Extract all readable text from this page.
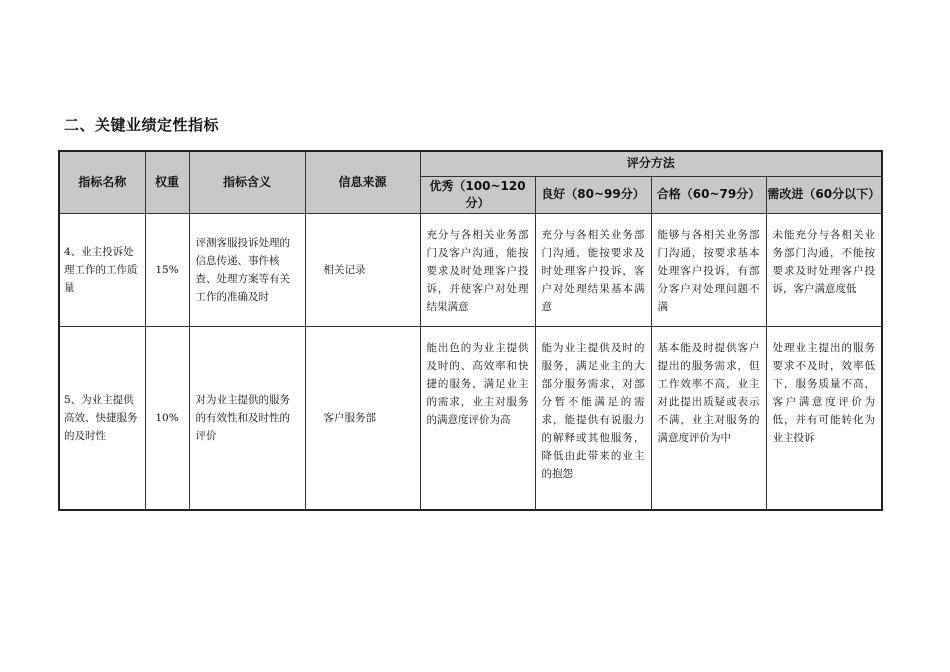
二、关键业绩定性指标
指标名称	权重	指标含义	信息来源	评分方法			
				优秀（100~120分）	良好（80~99分）	合格（60~79分）	需改进（60分以下）
4、业主投诉处理工作的工作质量	15%	评测客服投诉处理的信息传递、事件核查、处理方案等有关工作的准确及时	相关记录	充分与各相关业务部门及客户沟通，能按要求及时处理客户投诉，并使客户对处理结果满意	充分与各相关业务部门沟通，能按要求及时处理客户投诉，客户对处理结果基本满意	能够与各相关业务部门沟通，按要求基本处理客户投诉，有部分客户对处理问题不满	未能充分与各相关业务部门沟通，不能按要求及时处理客户投诉，客户满意度低
5、为业主提供高效、快捷服务的及时性	10%	对为业主提供的服务的有效性和及时性的评价	客户服务部	能出色的为业主提供及时的、高效率和快捷的服务，满足业主的需求，业主对服务的满意度评价为高	能为业主提供及时的服务，满足业主的大部分服务需求，对部分暂不能满足的需求，能提供有说服力的解释或其他服务，降低由此带来的业主的抱怨	基本能及时提供客户提出的服务需求，但工作效率不高，业主对此提出质疑或表示不满，业主对服务的满意度评价为中	处理业主提出的服务要求不及时，效率低下，服务质量不高，客户满意度评价为低，并有可能转化为业主投诉
